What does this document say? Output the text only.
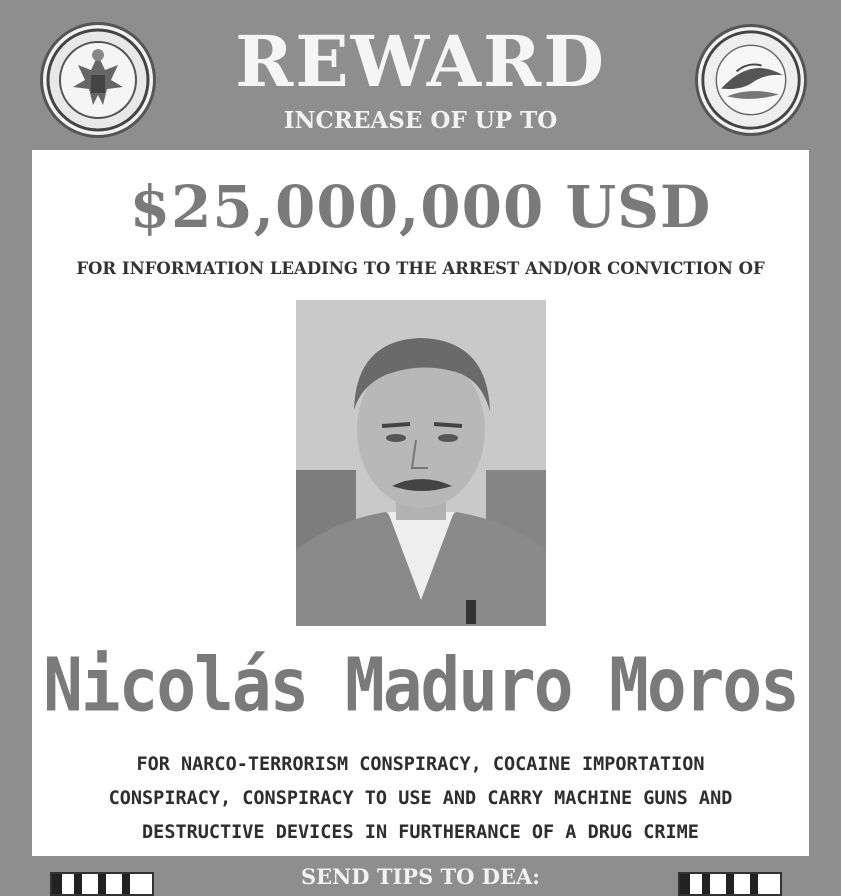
REWARD
INCREASE OF UP TO
$25,000,000 USD
FOR INFORMATION LEADING TO THE ARREST AND/OR CONVICTION OF
Nicolás Maduro Moros
FOR NARCO-TERRORISM CONSPIRACY, COCAINE IMPORTATION
CONSPIRACY, CONSPIRACY TO USE AND CARRY MACHINE GUNS AND
DESTRUCTIVE DEVICES IN FURTHERANCE OF A DRUG CRIME
SEND TIPS TO DEA:
